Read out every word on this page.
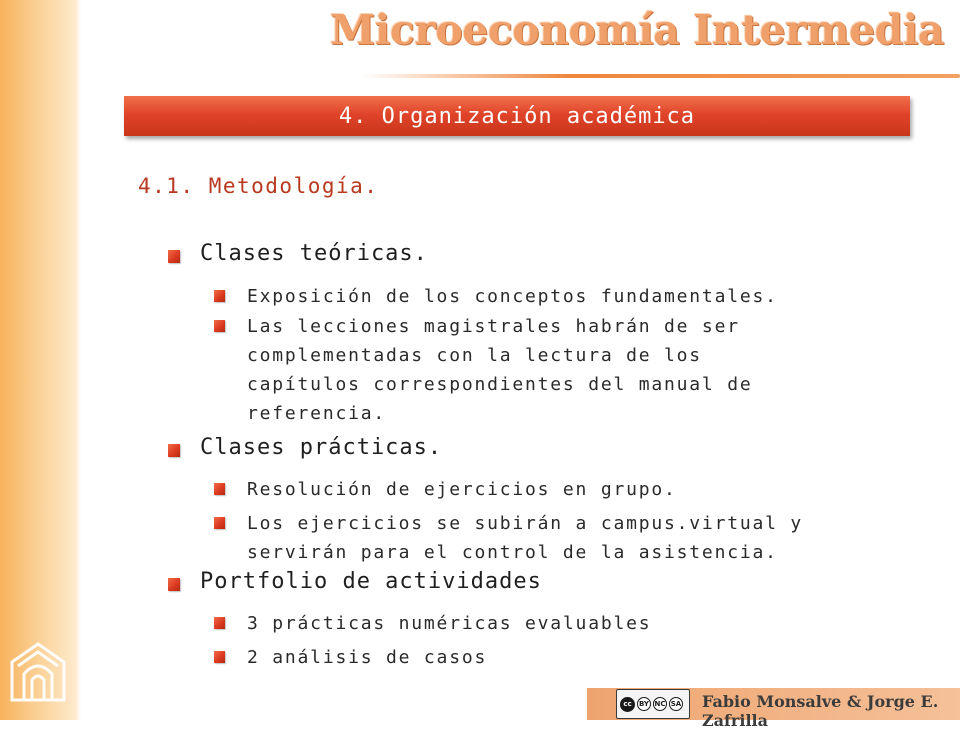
Microeconomía Intermedia
4. Organización académica
4.1. Metodología.
Clases teóricas.
Exposición de los conceptos fundamentales.
Las lecciones magistrales habrán de ser
complementadas con la lectura de los
capítulos correspondientes del manual de
referencia.
Clases prácticas.
Resolución de ejercicios en grupo.
Los ejercicios se subirán a campus.virtual y
servirán para el control de la asistencia.
Portfolio de actividades
3 prácticas numéricas evaluables
2 análisis de casos
cc	BY NC SA Fabio Monsalve & Jorge E. Zafrilla
